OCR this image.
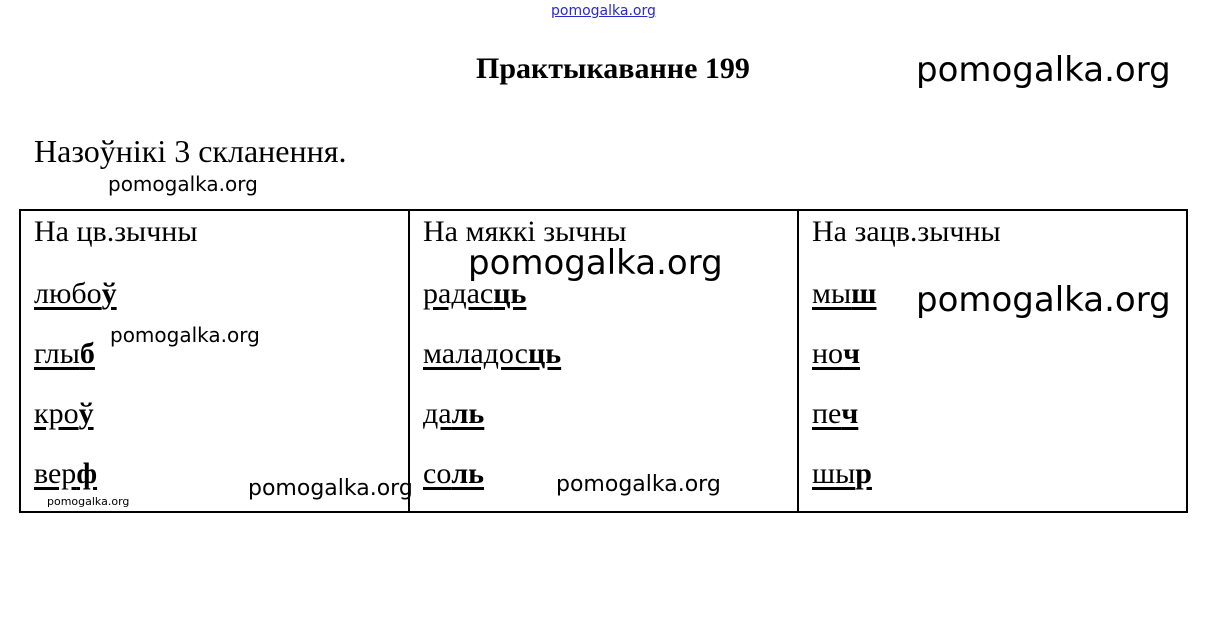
pomogalka.org
pomogalka.org
Практыкаванне 199
Назоўнікі 3 скланення.
pomogalka.org
На цв.зычны
любоў
глыб
кроў
верф
На мяккі зычны
радасць
маладосць
даль
соль
На зацв.зычны
мыш
ноч
печ
шыр
pomogalka.org
pomogalka.org
pomogalka.org
pomogalka.org	pomogalka.org
pomogalka.org
